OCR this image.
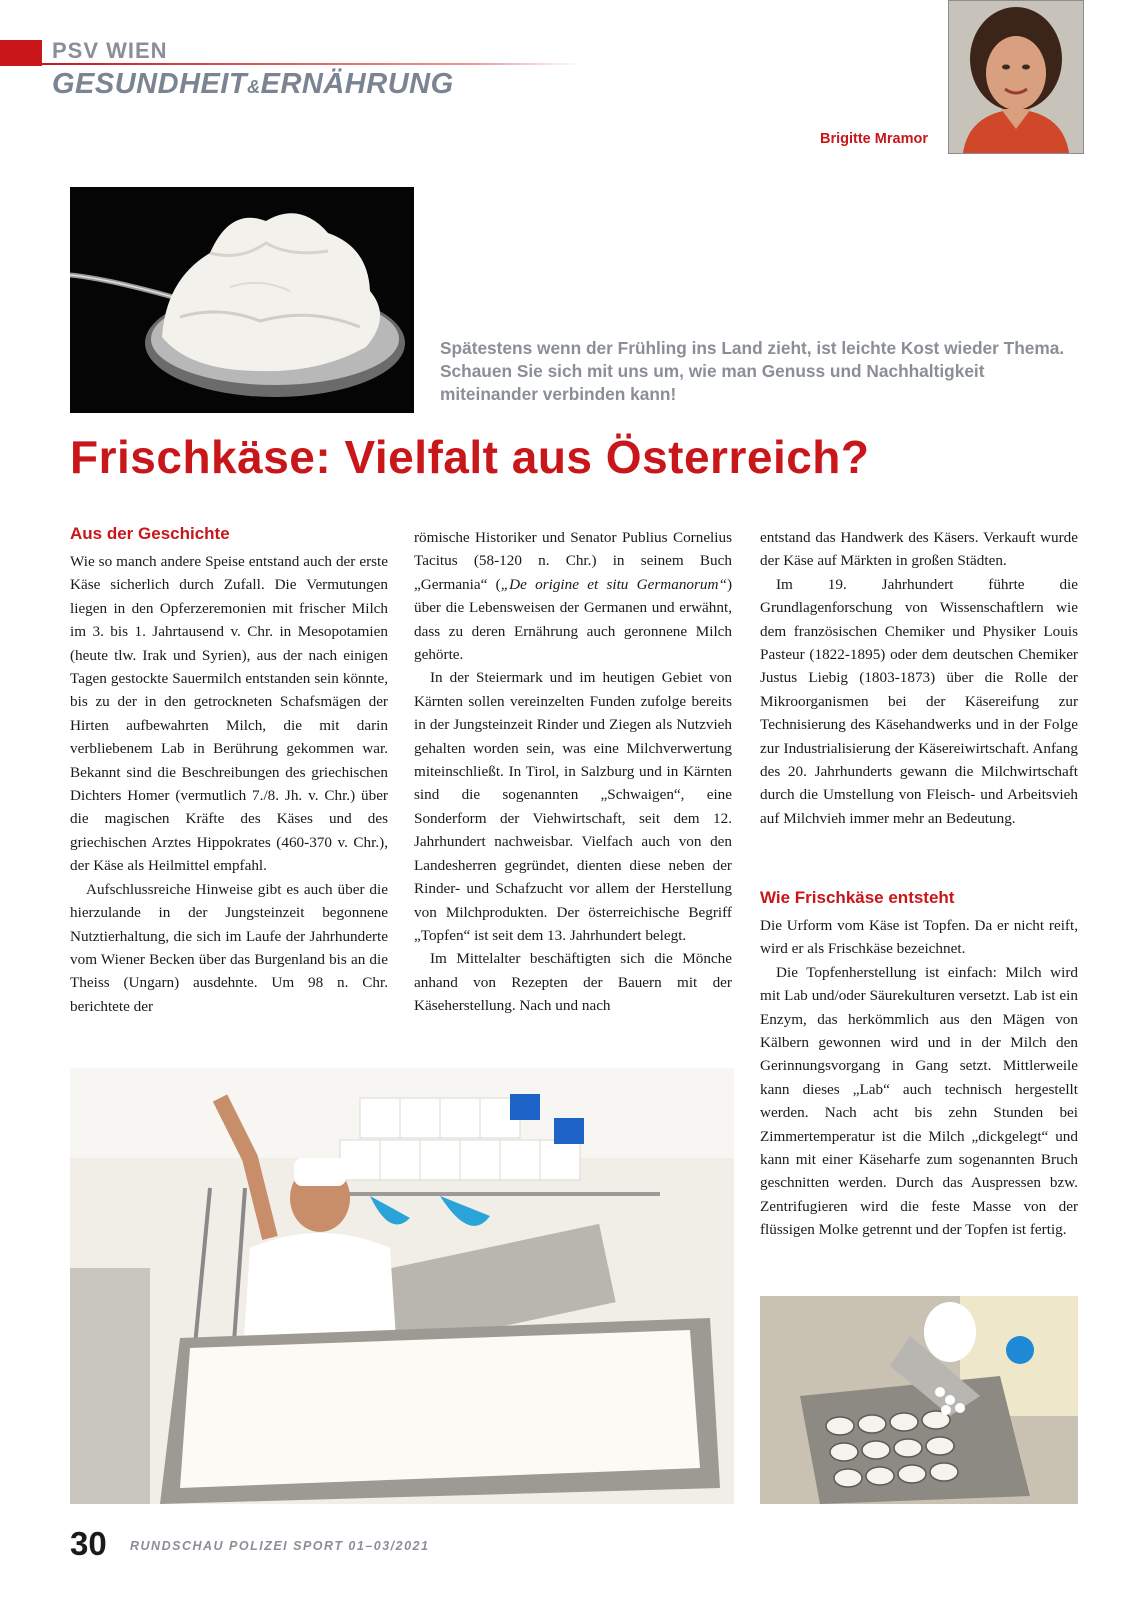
PSV WIEN
GESUNDHEIT&ERNÄHRUNG
Brigitte Mramor
Spätestens wenn der Frühling ins Land zieht, ist leichte Kost wieder Thema. Schauen Sie sich mit uns um, wie man Genuss und Nachhaltigkeit miteinander verbinden kann!
Frischkäse: Vielfalt aus Österreich?
Aus der Geschichte

Wie so manch andere Speise entstand auch der erste Käse sicherlich durch Zufall. Die Vermutungen liegen in den Opferzeremonien mit frischer Milch im 3. bis 1. Jahrtausend v. Chr. in Mesopotamien (heute tlw. Irak und Syrien), aus der nach einigen Tagen gestockte Sauermilch entstanden sein könnte, bis zu der in den getrockneten Schafsmägen der Hirten aufbewahrten Milch, die mit darin verbliebenem Lab in Berührung gekommen war. Bekannt sind die Beschreibungen des griechischen Dichters Homer (vermutlich 7./8. Jh. v. Chr.) über die magischen Kräfte des Käses und des griechischen Arztes Hippokrates (460-370 v. Chr.), der Käse als Heilmittel empfahl.

Aufschlussreiche Hinweise gibt es auch über die hierzulande in der Jungsteinzeit begonnene Nutztierhaltung, die sich im Laufe der Jahrhunderte vom Wiener Becken über das Burgenland bis an die Theiss (Ungarn) ausdehnte. Um 98 n. Chr. berichtete der

römische Historiker und Senator Publius Cornelius Tacitus (58-120 n. Chr.) in seinem Buch „Germania“ („De origine et situ Germanorum“) über die Lebensweisen der Germanen und erwähnt, dass zu deren Ernährung auch geronnene Milch gehörte.

In der Steiermark und im heutigen Gebiet von Kärnten sollen vereinzelten Funden zufolge bereits in der Jungsteinzeit Rinder und Ziegen als Nutzvieh gehalten worden sein, was eine Milchverwertung miteinschließt. In Tirol, in Salzburg und in Kärnten sind die sogenannten „Schwaigen“, eine Sonderform der Viehwirtschaft, seit dem 12. Jahrhundert nachweisbar. Vielfach auch von den Landesherren gegründet, dienten diese neben der Rinder- und Schafzucht vor allem der Herstellung von Milchprodukten. Der österreichische Begriff „Topfen“ ist seit dem 13. Jahrhundert belegt.

Im Mittelalter beschäftigten sich die Mönche anhand von Rezepten der Bauern mit der Käseherstellung. Nach und nach

entstand das Handwerk des Käsers. Verkauft wurde der Käse auf Märkten in großen Städten.

Im 19. Jahrhundert führte die Grundlagenforschung von Wissenschaftlern wie dem französischen Chemiker und Physiker Louis Pasteur (1822-1895) oder dem deutschen Chemiker Justus Liebig (1803-1873) über die Rolle der Mikroorganismen bei der Käsereifung zur Technisierung des Käsehandwerks und in der Folge zur Industrialisierung der Käsereiwirtschaft. Anfang des 20. Jahrhunderts gewann die Milchwirtschaft durch die Umstellung von Fleisch- und Arbeitsvieh auf Milchvieh immer mehr an Bedeutung.

Wie Frischkäse entsteht

Die Urform vom Käse ist Topfen. Da er nicht reift, wird er als Frischkäse bezeichnet.

Die Topfenherstellung ist einfach: Milch wird mit Lab und/oder Säurekulturen versetzt. Lab ist ein Enzym, das herkömmlich aus den Mägen von Kälbern gewonnen wird und in der Milch den Gerinnungsvorgang in Gang setzt. Mittlerweile kann dieses „Lab“ auch technisch hergestellt werden. Nach acht bis zehn Stunden bei Zimmertemperatur ist die Milch „dickgelegt“ und kann mit einer Käseharfe zum sogenannten Bruch geschnitten werden. Durch das Auspressen bzw. Zentrifugieren wird die feste Masse von der flüssigen Molke getrennt und der Topfen ist fertig.

30 RUNDSCHAU POLIZEI SPORT 01–03/2021
